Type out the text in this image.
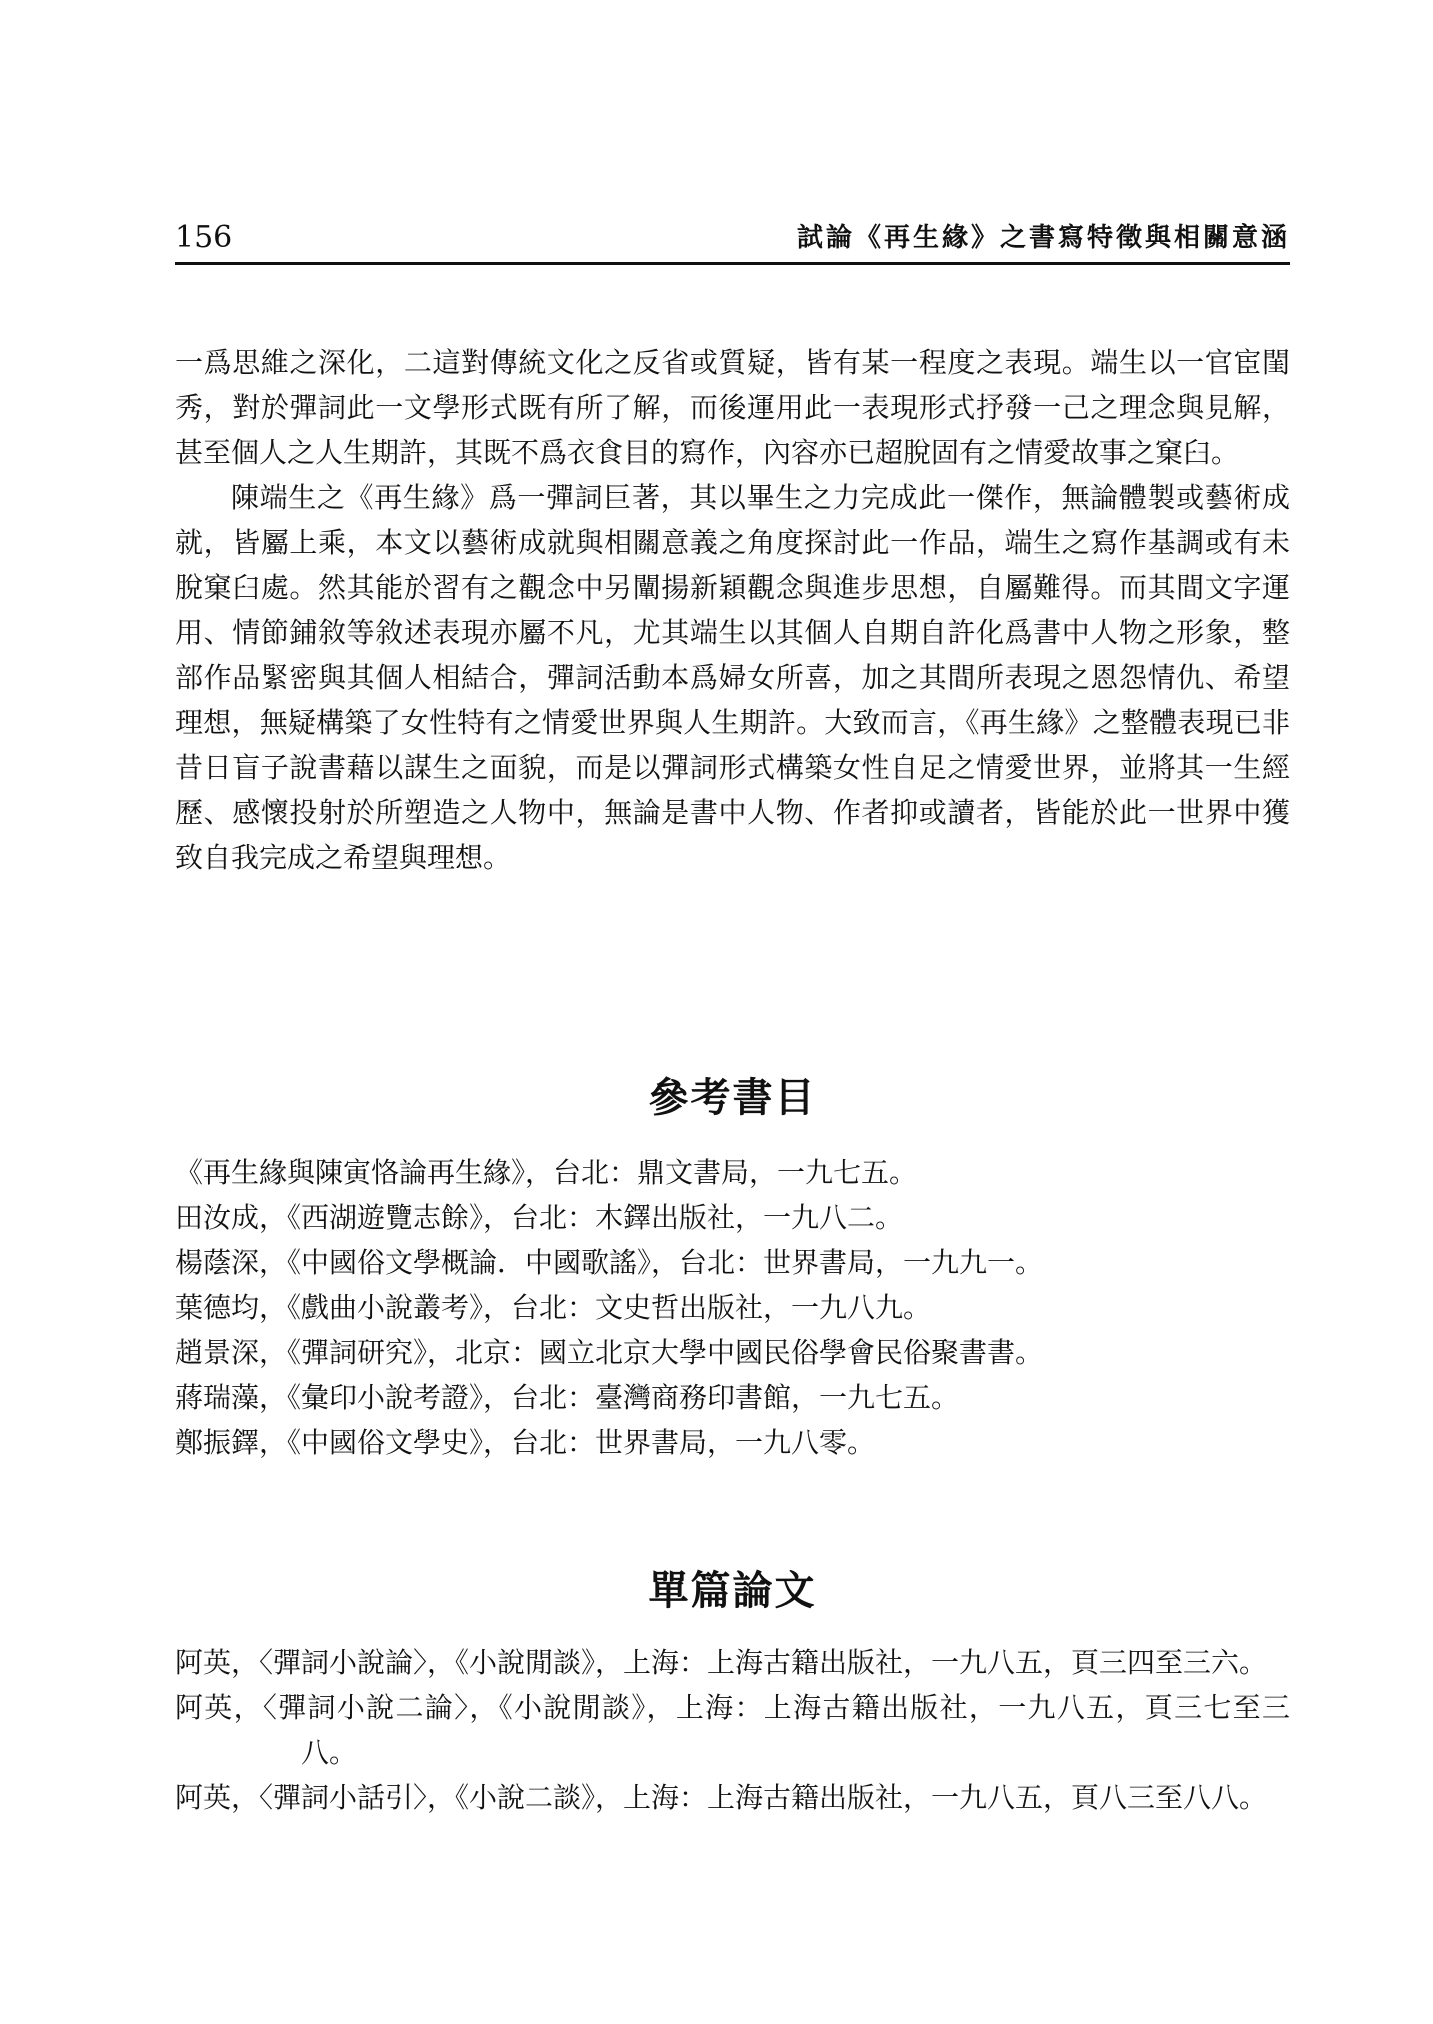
156	試論《再生緣》之書寫特徵與相關意涵

一爲思維之深化，二這對傳統文化之反省或質疑，皆有某一程度之表現。端生以一官宦閨秀，對於彈詞此一文學形式既有所了解，而後運用此一表現形式抒發一己之理念與見解，甚至個人之人生期許，其既不爲衣食目的寫作，內容亦已超脫固有之情愛故事之窠臼。

陳端生之《再生緣》爲一彈詞巨著，其以畢生之力完成此一傑作，無論體製或藝術成就，皆屬上乘，本文以藝術成就與相關意義之角度探討此一作品，端生之寫作基調或有未脫窠臼處。然其能於習有之觀念中另闡揚新穎觀念與進步思想，自屬難得。而其間文字運用、情節鋪敘等敘述表現亦屬不凡，尤其端生以其個人自期自許化爲書中人物之形象，整部作品緊密與其個人相結合，彈詞活動本爲婦女所喜，加之其間所表現之恩怨情仇、希望理想，無疑構築了女性特有之情愛世界與人生期許。大致而言，《再生緣》之整體表現已非昔日盲子說書藉以謀生之面貌，而是以彈詞形式構築女性自足之情愛世界，並將其一生經歷、感懷投射於所塑造之人物中，無論是書中人物、作者抑或讀者，皆能於此一世界中獲致自我完成之希望與理想。

參考書目

《再生緣與陳寅恪論再生緣》，台北：鼎文書局，一九七五。

田汝成，《西湖遊覽志餘》，台北：木鐸出版社，一九八二。

楊蔭深，《中國俗文學概論．中國歌謠》，台北：世界書局，一九九一。

葉德均，《戲曲小說叢考》，台北：文史哲出版社，一九八九。

趙景深，《彈詞研究》，北京：國立北京大學中國民俗學會民俗聚書書。

蔣瑞藻，《彙印小說考證》，台北：臺灣商務印書館，一九七五。

鄭振鐸，《中國俗文學史》，台北：世界書局，一九八零。

單篇論文

阿英，〈彈詞小說論〉，《小說閒談》，上海：上海古籍出版社，一九八五，頁三四至三六。

阿英，〈彈詞小說二論〉，《小說閒談》，上海：上海古籍出版社，一九八五，頁三七至三八。

阿英，〈彈詞小話引〉，《小說二談》，上海：上海古籍出版社，一九八五，頁八三至八八。
